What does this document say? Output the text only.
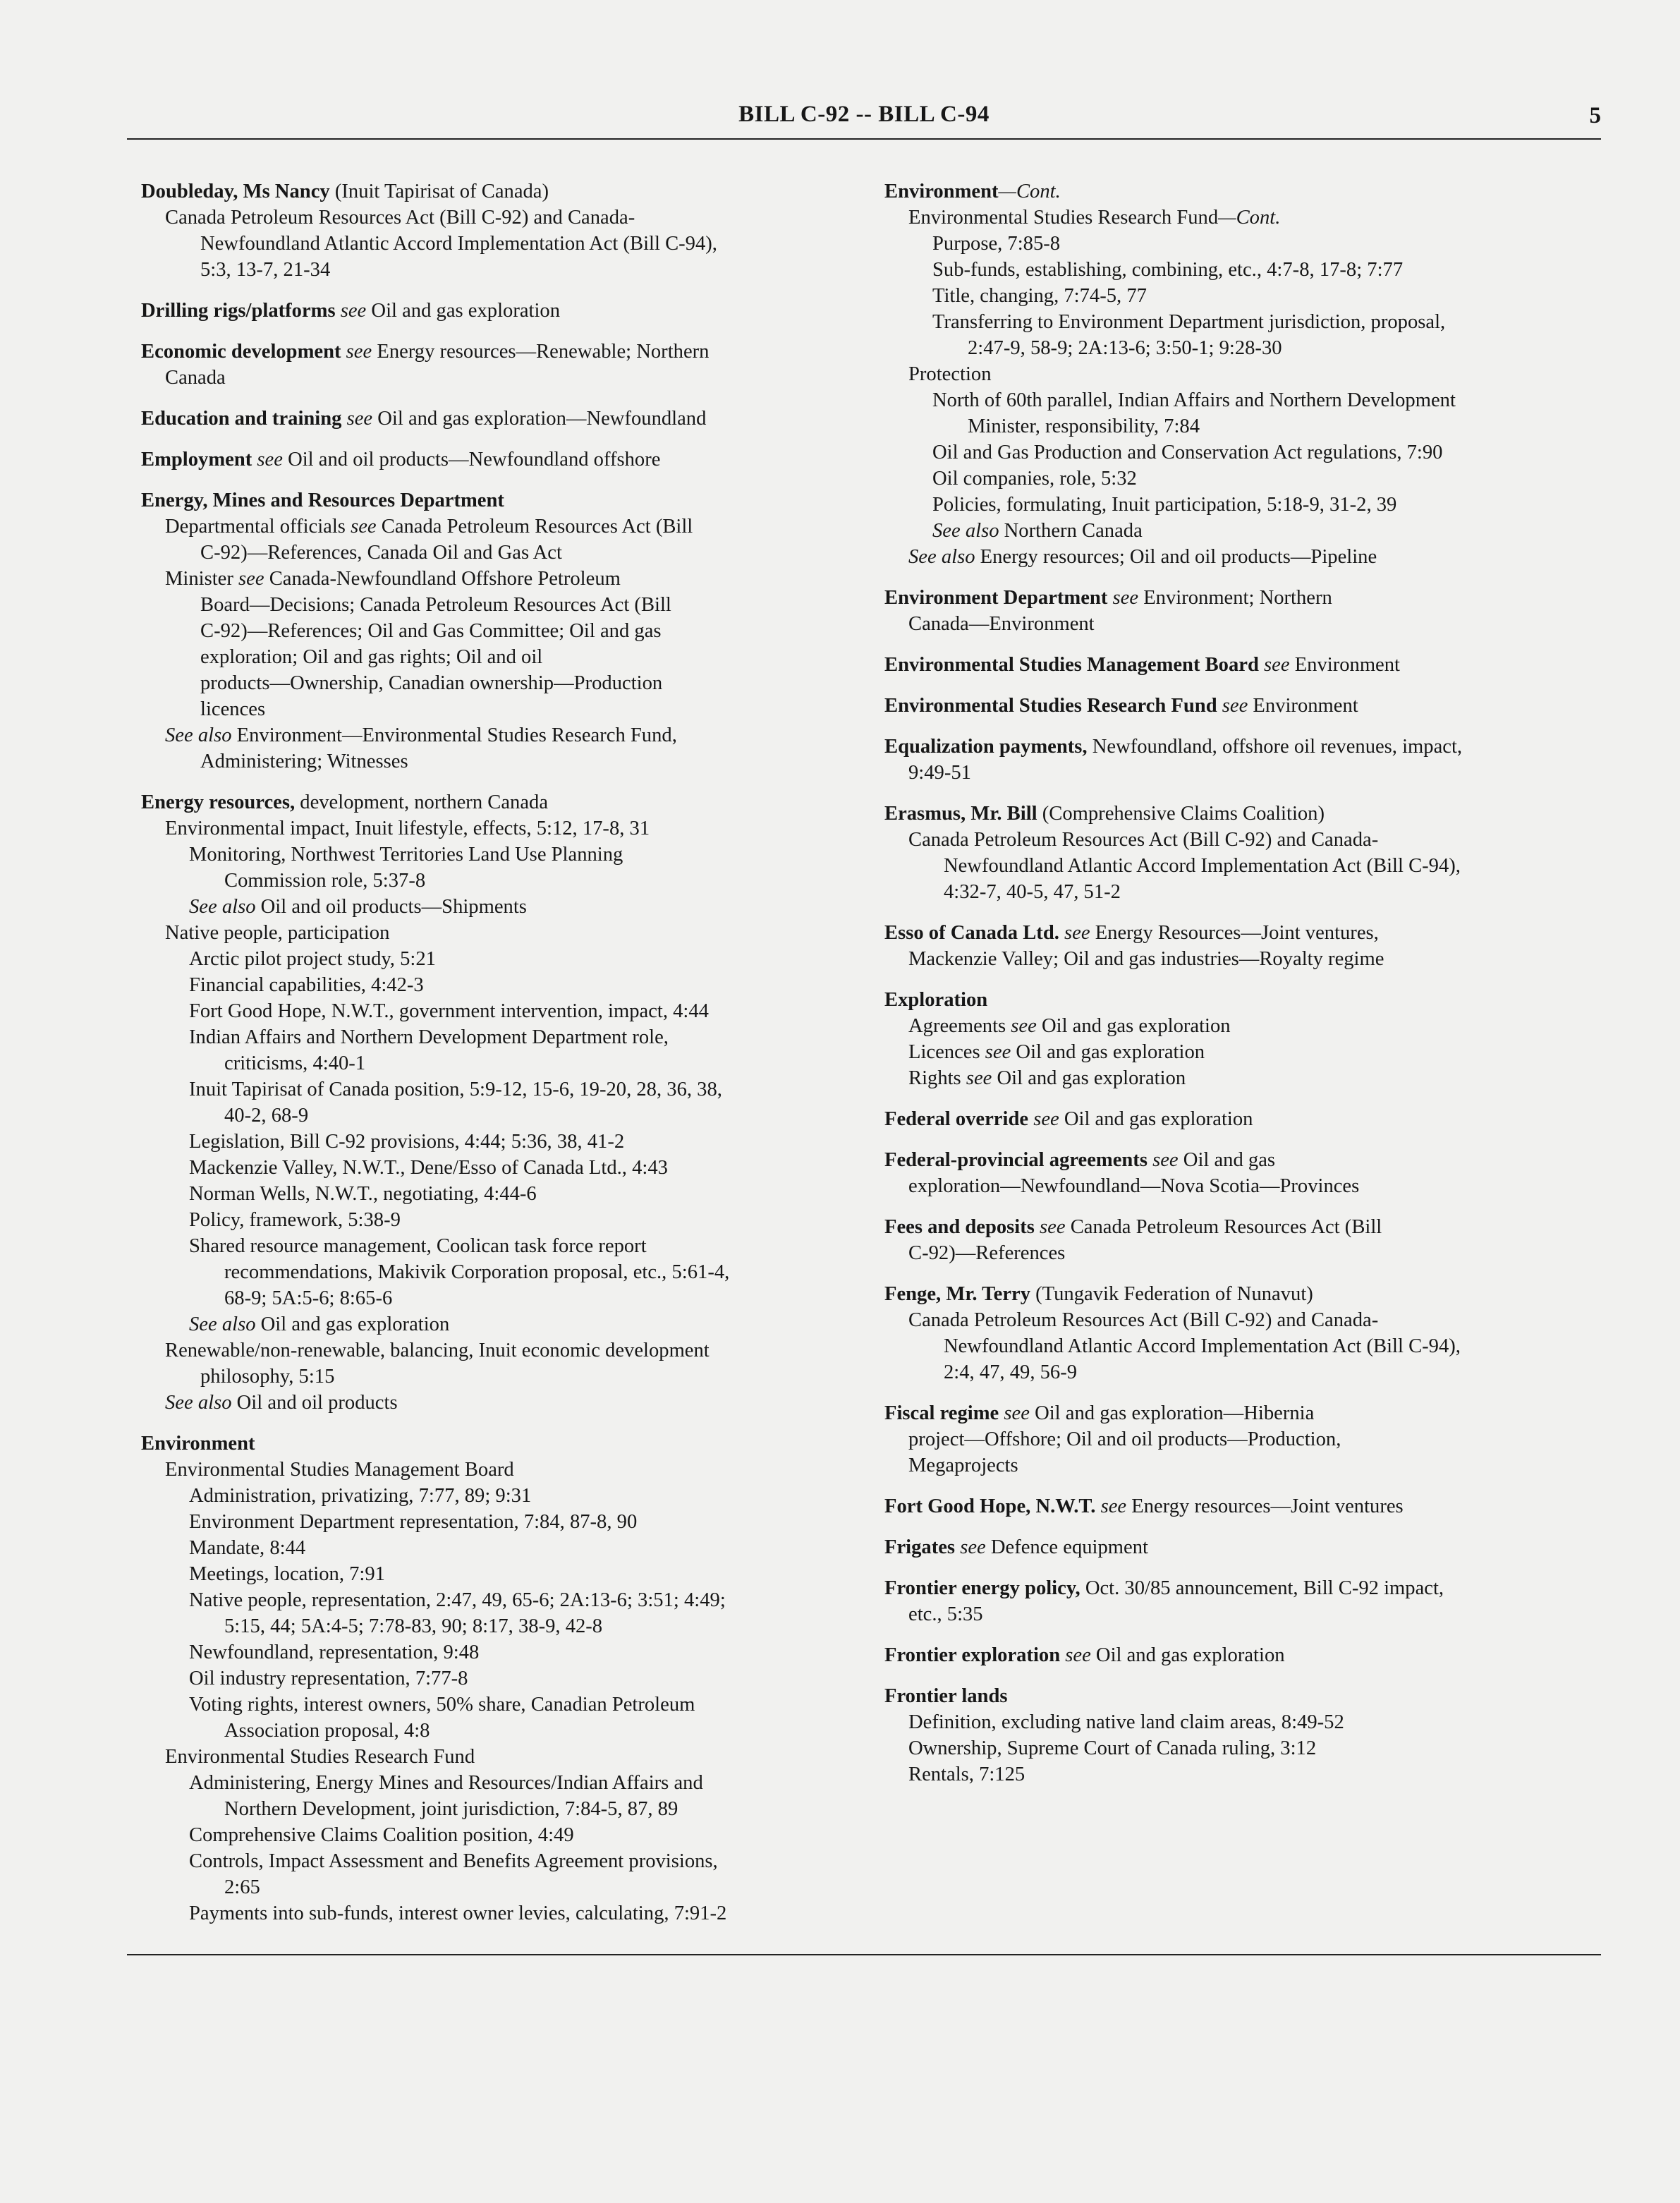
BILL C-92 -- BILL C-94	5
Doubleday, Ms Nancy (Inuit Tapirisat of Canada)
Canada Petroleum Resources Act (Bill C-92) and Canada-
Newfoundland Atlantic Accord Implementation Act (Bill C-94),
5:3, 13-7, 21-34
Drilling rigs/platforms see Oil and gas exploration
Economic development see Energy resources—Renewable; Northern
Canada
Education and training see Oil and gas exploration—Newfoundland
Employment see Oil and oil products—Newfoundland offshore
Energy, Mines and Resources Department
Departmental officials see Canada Petroleum Resources Act (Bill
C-92)—References, Canada Oil and Gas Act
Minister see Canada-Newfoundland Offshore Petroleum
Board—Decisions; Canada Petroleum Resources Act (Bill
C-92)—References; Oil and Gas Committee; Oil and gas
exploration; Oil and gas rights; Oil and oil
products—Ownership, Canadian ownership—Production
licences
See also Environment—Environmental Studies Research Fund,
Administering; Witnesses
Energy resources, development, northern Canada
Environmental impact, Inuit lifestyle, effects, 5:12, 17-8, 31
Monitoring, Northwest Territories Land Use Planning
Commission role, 5:37-8
See also Oil and oil products—Shipments
Native people, participation
Arctic pilot project study, 5:21
Financial capabilities, 4:42-3
Fort Good Hope, N.W.T., government intervention, impact, 4:44
Indian Affairs and Northern Development Department role,
criticisms, 4:40-1
Inuit Tapirisat of Canada position, 5:9-12, 15-6, 19-20, 28, 36, 38,
40-2, 68-9
Legislation, Bill C-92 provisions, 4:44; 5:36, 38, 41-2
Mackenzie Valley, N.W.T., Dene/Esso of Canada Ltd., 4:43
Norman Wells, N.W.T., negotiating, 4:44-6
Policy, framework, 5:38-9
Shared resource management, Coolican task force report
recommendations, Makivik Corporation proposal, etc., 5:61-4,
68-9; 5A:5-6; 8:65-6
See also Oil and gas exploration
Renewable/non-renewable, balancing, Inuit economic development
philosophy, 5:15
See also Oil and oil products
Environment
Environmental Studies Management Board
Administration, privatizing, 7:77, 89; 9:31
Environment Department representation, 7:84, 87-8, 90
Mandate, 8:44
Meetings, location, 7:91
Native people, representation, 2:47, 49, 65-6; 2A:13-6; 3:51; 4:49;
5:15, 44; 5A:4-5; 7:78-83, 90; 8:17, 38-9, 42-8
Newfoundland, representation, 9:48
Oil industry representation, 7:77-8
Voting rights, interest owners, 50% share, Canadian Petroleum
Association proposal, 4:8
Environmental Studies Research Fund
Administering, Energy Mines and Resources/Indian Affairs and
Northern Development, joint jurisdiction, 7:84-5, 87, 89
Comprehensive Claims Coalition position, 4:49
Controls, Impact Assessment and Benefits Agreement provisions,
2:65
Payments into sub-funds, interest owner levies, calculating, 7:91-2
Environment—Cont.
Environmental Studies Research Fund—Cont.
Purpose, 7:85-8
Sub-funds, establishing, combining, etc., 4:7-8, 17-8; 7:77
Title, changing, 7:74-5, 77
Transferring to Environment Department jurisdiction, proposal,
2:47-9, 58-9; 2A:13-6; 3:50-1; 9:28-30
Protection
North of 60th parallel, Indian Affairs and Northern Development
Minister, responsibility, 7:84
Oil and Gas Production and Conservation Act regulations, 7:90
Oil companies, role, 5:32
Policies, formulating, Inuit participation, 5:18-9, 31-2, 39
See also Northern Canada
See also Energy resources; Oil and oil products—Pipeline
Environment Department see Environment; Northern
Canada—Environment
Environmental Studies Management Board see Environment
Environmental Studies Research Fund see Environment
Equalization payments, Newfoundland, offshore oil revenues, impact,
9:49-51
Erasmus, Mr. Bill (Comprehensive Claims Coalition)
Canada Petroleum Resources Act (Bill C-92) and Canada-
Newfoundland Atlantic Accord Implementation Act (Bill C-94),
4:32-7, 40-5, 47, 51-2
Esso of Canada Ltd. see Energy Resources—Joint ventures,
Mackenzie Valley; Oil and gas industries—Royalty regime
Exploration
Agreements see Oil and gas exploration
Licences see Oil and gas exploration
Rights see Oil and gas exploration
Federal override see Oil and gas exploration
Federal-provincial agreements see Oil and gas
exploration—Newfoundland—Nova Scotia—Provinces
Fees and deposits see Canada Petroleum Resources Act (Bill
C-92)—References
Fenge, Mr. Terry (Tungavik Federation of Nunavut)
Canada Petroleum Resources Act (Bill C-92) and Canada-
Newfoundland Atlantic Accord Implementation Act (Bill C-94),
2:4, 47, 49, 56-9
Fiscal regime see Oil and gas exploration—Hibernia
project—Offshore; Oil and oil products—Production,
Megaprojects
Fort Good Hope, N.W.T. see Energy resources—Joint ventures
Frigates see Defence equipment
Frontier energy policy, Oct. 30/85 announcement, Bill C-92 impact,
etc., 5:35
Frontier exploration see Oil and gas exploration
Frontier lands
Definition, excluding native land claim areas, 8:49-52
Ownership, Supreme Court of Canada ruling, 3:12
Rentals, 7:125
